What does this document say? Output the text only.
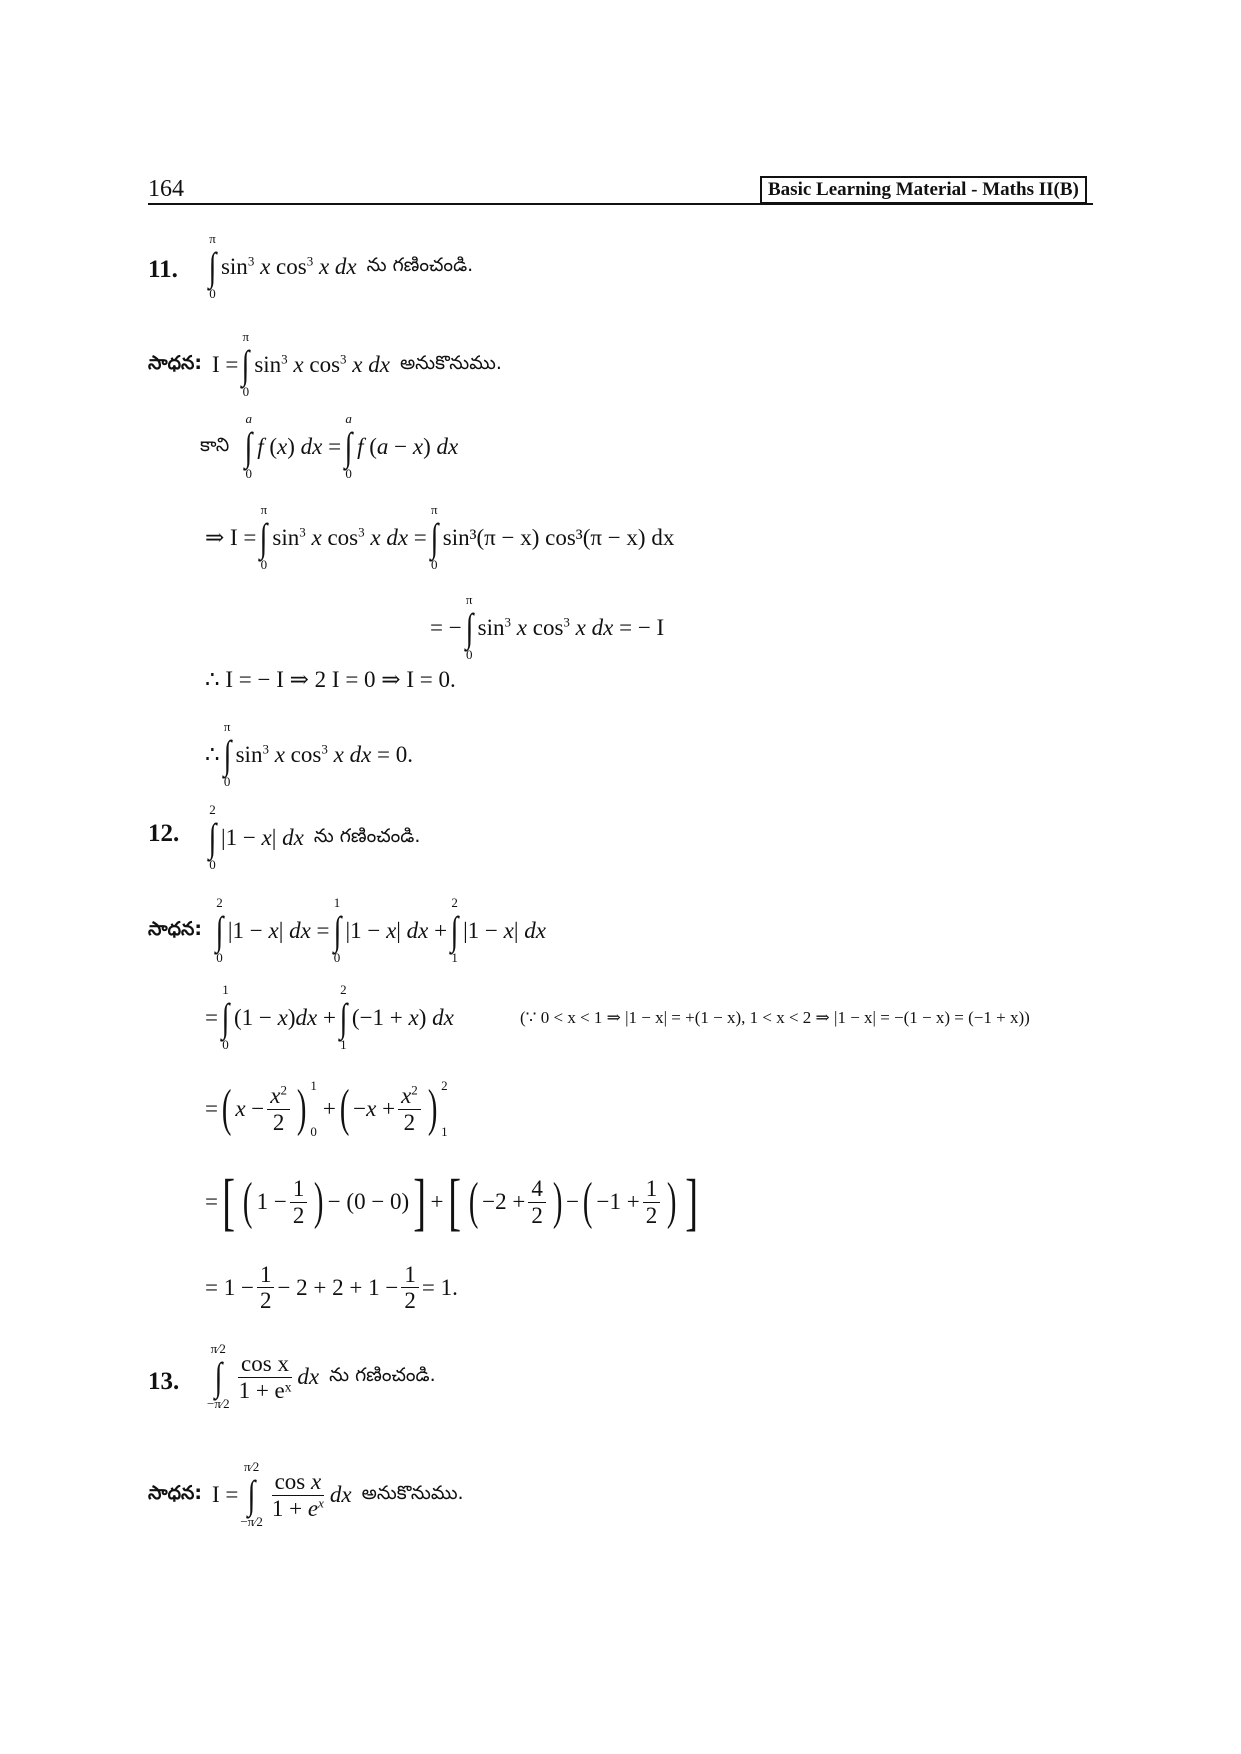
164	Basic Learning Material - Maths II(B)
11.
π
∫
0
$\sin^3 x$ $\cos^3 x$ dx ను గణించండి.
సాధన: I =
π
∫
0
$\sin^3 x$ $\cos^3 x$ dx అనుకొనుము.
కాని
a
∫
0
f (x) dx =
a
∫
0
f (a − x) dx
⇒ I =
π
∫
0
$\sin^3 x$ $\cos^3 x$ dx =
π
∫
0
sin³(π − x) cos³(π − x) dx
= −
π
∫
0
$\sin^3 x$ $\cos^3 x$ dx = − I
∴ I = − I ⇒ 2 I = 0 ⇒ I = 0.
∴
π
∫
0
$\sin^3 x$ $\cos^3 x$ dx = 0.
12.
2
∫
0
|1 − x| dx ను గణించండి.
సాధన:
2
∫
0
|1 − x| dx =
1
∫
0
|1 − x| dx +
2
∫
1
|1 − x| dx
=
1
∫
0
(1 − x)dx +
2
∫
1
(−1 + x) dx	(∵ 0 < x < 1 ⇒ |1 − x| = +(1 − x), 1 < x < 2 ⇒ |1 − x| = −(1 − x) = (−1 + x))
= ( $x - \frac{x^2}{2}$ ) 1
0
+ ( $-x + \frac{x^2}{2}$ ) 2
1
= [ ( $1 - \frac{1}{2}$ ) − (0 − 0) ] + [ ( $-2 + \frac{4}{2}$ ) − ( $-1 + \frac{1}{2}$ ) ]
= $1 - \frac{1}{2} - 2 + 2 + 1 - \frac{1}{2} = 1$.
13.
π⁄2
∫
−π⁄2
$\frac{\text{cos x}}{\text{1 + eˣ}}$ dx ను గణించండి.
సాధన: I =
π⁄2
∫
−π⁄2
$\frac{\text{cos x}}{1 + e^x}$ dx అనుకొనుము.
